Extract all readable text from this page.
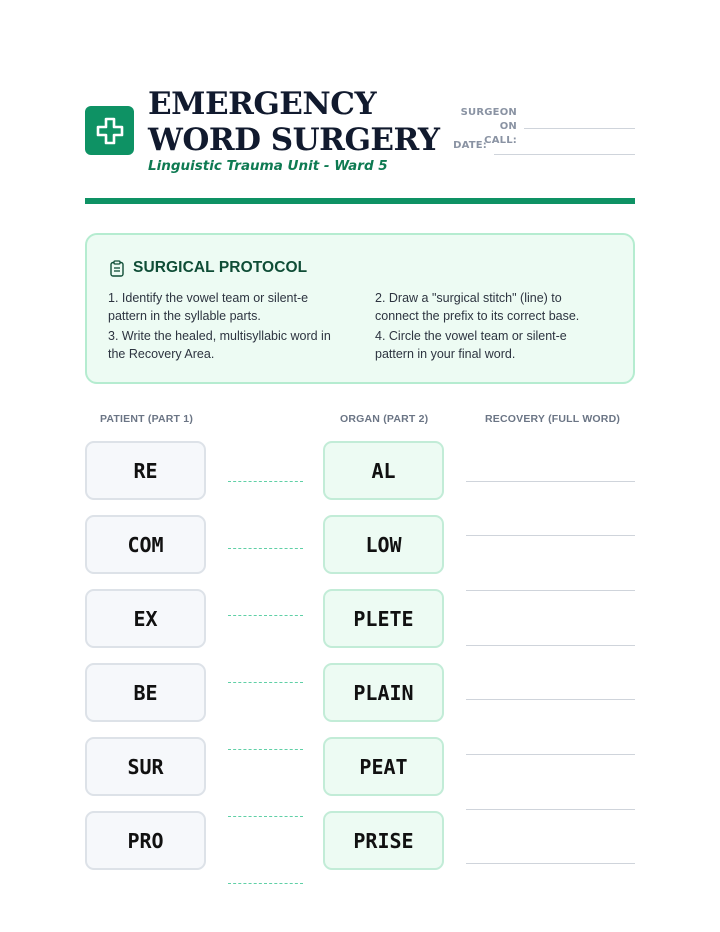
EMERGENCY
WORD SURGERY
Linguistic Trauma Unit - Ward 5
SURGEON ON
CALL:
DATE:
SURGICAL PROTOCOL
1. Identify the vowel team or silent-e
pattern in the syllable parts.
2. Draw a "surgical stitch" (line) to
connect the prefix to its correct base.
3. Write the healed, multisyllabic word in
the Recovery Area.
4. Circle the vowel team or silent-e
pattern in your final word.
PATIENT (PART 1)	ORGAN (PART 2)	RECOVERY (FULL WORD)
RE
COM
EX
BE
SUR
PRO
AL
LOW
PLETE
PLAIN
PEAT
PRISE
